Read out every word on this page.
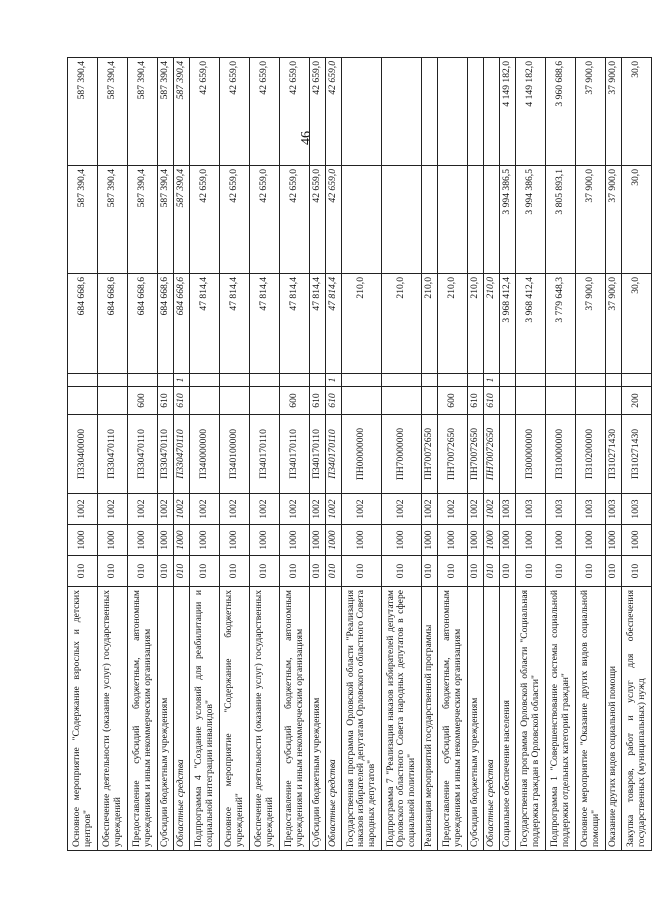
46
Основное мероприятие "Содержание взрослых и детских центров"	010	1000	1002	П330400000			684 668,6	587 390,4	587 390,4
Обеспечение деятельности (оказание услуг) государственных учреждений	010	1000	1002	П330470110			684 668,6	587 390,4	587 390,4
Предоставление субсидий бюджетным, автономным учреждениям и иным некоммерческим организациям	010	1000	1002	П330470110	600		684 668,6	587 390,4	587 390,4
Субсидии бюджетным учреждениям	010	1000	1002	П330470110	610		684 668,6	587 390,4	587 390,4
Областные средства	010	1000	1002	П330470110	610	1	684 668,6	587 390,4	587 390,4
Подпрограмма 4 "Создание условий для реабилитации и социальной интеграции инвалидов"	010	1000	1002	П340000000			47 814,4	42 659,0	42 659,0
Основное мероприятие "Содержание бюджетных учреждений"	010	1000	1002	П340100000			47 814,4	42 659,0	42 659,0
Обеспечение деятельности (оказание услуг) государственных учреждений	010	1000	1002	П340170110			47 814,4	42 659,0	42 659,0
Предоставление субсидий бюджетным, автономным учреждениям и иным некоммерческим организациям	010	1000	1002	П340170110	600		47 814,4	42 659,0	42 659,0
Субсидии бюджетным учреждениям	010	1000	1002	П340170110	610		47 814,4	42 659,0	42 659,0
Областные средства	010	1000	1002	П340170110	610	1	47 814,4	42 659,0	42 659,0
Государственная программа Орловской области "Реализация наказов избирателей депутатам Орловского областного Совета народных депутатов"	010	1000	1002	ПН00000000			210,0		
Подпрограмма 7 "Реализация наказов избирателей депутатам Орловского областного Совета народных депутатов в сфере социальной политики"	010	1000	1002	ПН70000000			210,0		
Реализация мероприятий государственной программы	010	1000	1002	ПН70072650			210,0		
Предоставление субсидий бюджетным, автономным учреждениям и иным некоммерческим организациям	010	1000	1002	ПН70072650	600		210,0		
Субсидии бюджетным учреждениям	010	1000	1002	ПН70072650	610		210,0		
Областные средства	010	1000	1002	ПН70072650	610	1	210,0		
Социальное обеспечение населения	010	1000	1003				3 968 412,4	3 994 386,5	4 149 182,0
Государственная программа Орловской области "Социальная поддержка граждан в Орловской области"	010	1000	1003	П300000000			3 968 412,4	3 994 386,5	4 149 182,0
Подпрограмма 1 "Совершенствование системы социальной поддержки отдельных категорий граждан"	010	1000	1003	П310000000			3 779 648,3	3 805 893,1	3 960 688,6
Основное мероприятие "Оказание других видов социальной помощи"	010	1000	1003	П310200000			37 900,0	37 900,0	37 900,0
Оказание других видов социальной помощи	010	1000	1003	П310271430			37 900,0	37 900,0	37 900,0
Закупка товаров, работ и услуг для обеспечения государственных (муниципальных) нужд	010	1000	1003	П310271430	200		30,0	30,0	30,0
